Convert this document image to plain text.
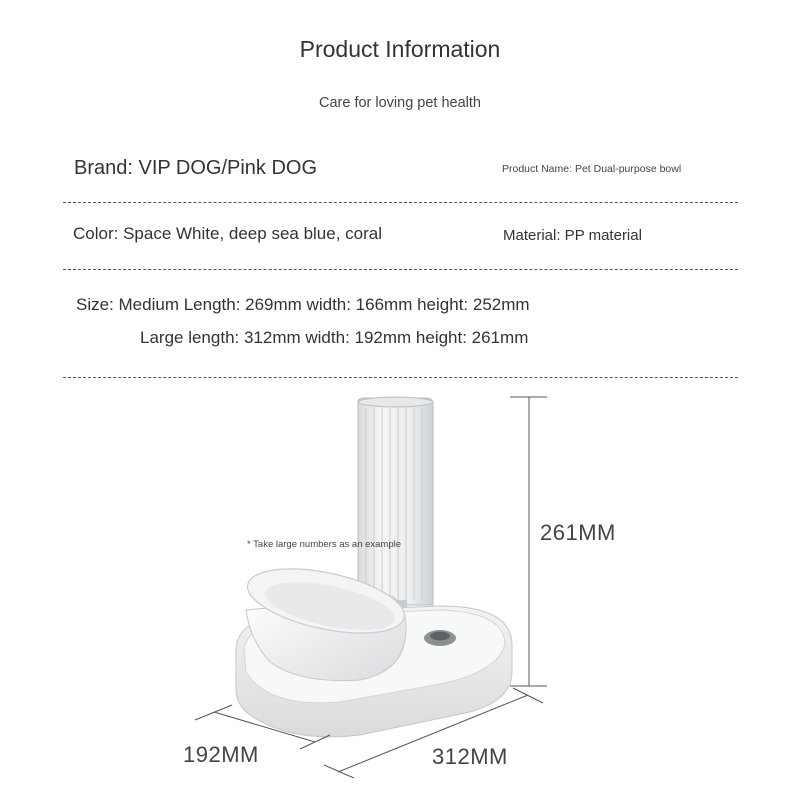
Product Information
Care for loving pet health
Brand: VIP DOG/Pink DOG	Product Name: Pet Dual-purpose bowl
Color: Space White, deep sea blue, coral	Material: PP material
Size: Medium Length: 269mm width: 166mm height: 252mm
Large length: 312mm width: 192mm height: 261mm
* Take large numbers as an example	261MM
192MM	312MM
